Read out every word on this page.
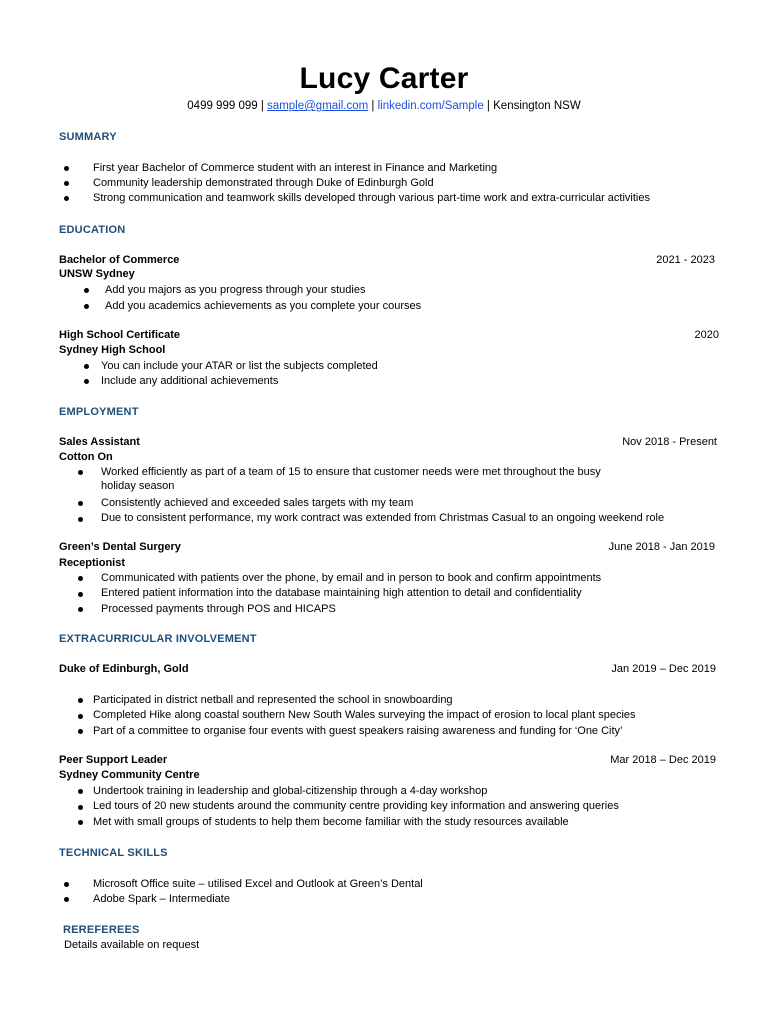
Lucy Carter
0499 999 099 | sample@gmail.com | linkedin.com/Sample | Kensington NSW
SUMMARY
First year Bachelor of Commerce student with an interest in Finance and Marketing
Community leadership demonstrated through Duke of Edinburgh Gold
Strong communication and teamwork skills developed through various part-time work and extra-curricular activities
EDUCATION
Bachelor of Commerce	2021 - 2023
UNSW Sydney
Add you majors as you progress through your studies
Add you academics achievements as you complete your courses
High School Certificate	2020
Sydney High School
You can include your ATAR or list the subjects completed
Include any additional achievements
EMPLOYMENT
Sales Assistant	Nov 2018 - Present
Cotton On
Worked efficiently as part of a team of 15 to ensure that customer needs were met throughout the busy
holiday season
Consistently achieved and exceeded sales targets with my team
Due to consistent performance, my work contract was extended from Christmas Casual to an ongoing weekend role
Green’s Dental Surgery	June 2018 - Jan 2019
Receptionist
Communicated with patients over the phone, by email and in person to book and confirm appointments
Entered patient information into the database maintaining high attention to detail and confidentiality
Processed payments through POS and HICAPS
EXTRACURRICULAR INVOLVEMENT
Duke of Edinburgh, Gold	Jan 2019 – Dec 2019
Participated in district netball and represented the school in snowboarding
Completed Hike along coastal southern New South Wales surveying the impact of erosion to local plant species
Part of a committee to organise four events with guest speakers raising awareness and funding for ‘One City’
Peer Support Leader	Mar 2018 – Dec 2019
Sydney Community Centre
Undertook training in leadership and global-citizenship through a 4-day workshop
Led tours of 20 new students around the community centre providing key information and answering queries
Met with small groups of students to help them become familiar with the study resources available
TECHNICAL SKILLS
Microsoft Office suite – utilised Excel and Outlook at Green’s Dental
Adobe Spark – Intermediate
REREFEREES
Details available on request
